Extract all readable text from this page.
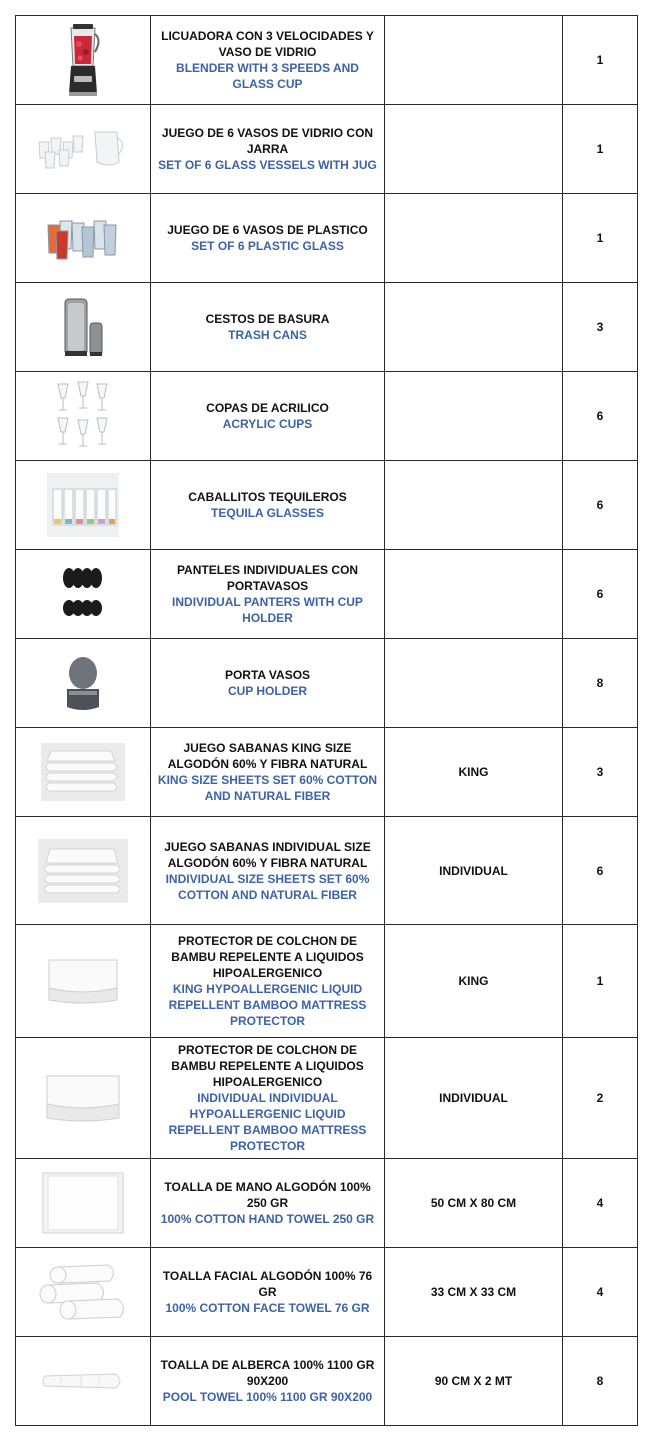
LICUADORA CON 3 VELOCIDADES Y VASO DE VIDRIO
BLENDER WITH 3 SPEEDS AND GLASS CUP		1

JUEGO DE 6 VASOS DE VIDRIO CON JARRA
SET OF 6 GLASS VESSELS WITH JUG		1

JUEGO DE 6 VASOS DE PLASTICO
SET OF 6 PLASTIC GLASS		1

CESTOS DE BASURA
TRASH CANS		3

COPAS DE ACRILICO
ACRYLIC CUPS		6

CABALLITOS TEQUILEROS
TEQUILA GLASSES		6

PANTELES INDIVIDUALES CON PORTAVASOS
INDIVIDUAL PANTERS WITH CUP HOLDER		6

PORTA VASOS
CUP HOLDER		8

JUEGO SABANAS KING SIZE ALGODÓN 60% Y FIBRA NATURAL
KING SIZE SHEETS SET 60% COTTON AND NATURAL FIBER	KING	3

JUEGO SABANAS INDIVIDUAL SIZE ALGODÓN 60% Y FIBRA NATURAL
INDIVIDUAL SIZE SHEETS SET 60% COTTON AND NATURAL FIBER	INDIVIDUAL	6

PROTECTOR DE COLCHON DE BAMBU REPELENTE A LIQUIDOS HIPOALERGENICO
KING HYPOALLERGENIC LIQUID REPELLENT BAMBOO MATTRESS PROTECTOR	KING	1

PROTECTOR DE COLCHON DE BAMBU REPELENTE A LIQUIDOS HIPOALERGENICO
INDIVIDUAL INDIVIDUAL HYPOALLERGENIC LIQUID REPELLENT BAMBOO MATTRESS PROTECTOR	INDIVIDUAL	2

TOALLA DE MANO ALGODÓN 100% 250 GR
100% COTTON HAND TOWEL 250 GR	50 CM X 80 CM	4

TOALLA FACIAL ALGODÓN 100% 76 GR
100% COTTON FACE TOWEL 76 GR	33 CM X 33 CM	4

TOALLA DE ALBERCA 100% 1100 GR 90X200
POOL TOWEL 100% 1100 GR 90X200	90 CM X 2 MT	8
